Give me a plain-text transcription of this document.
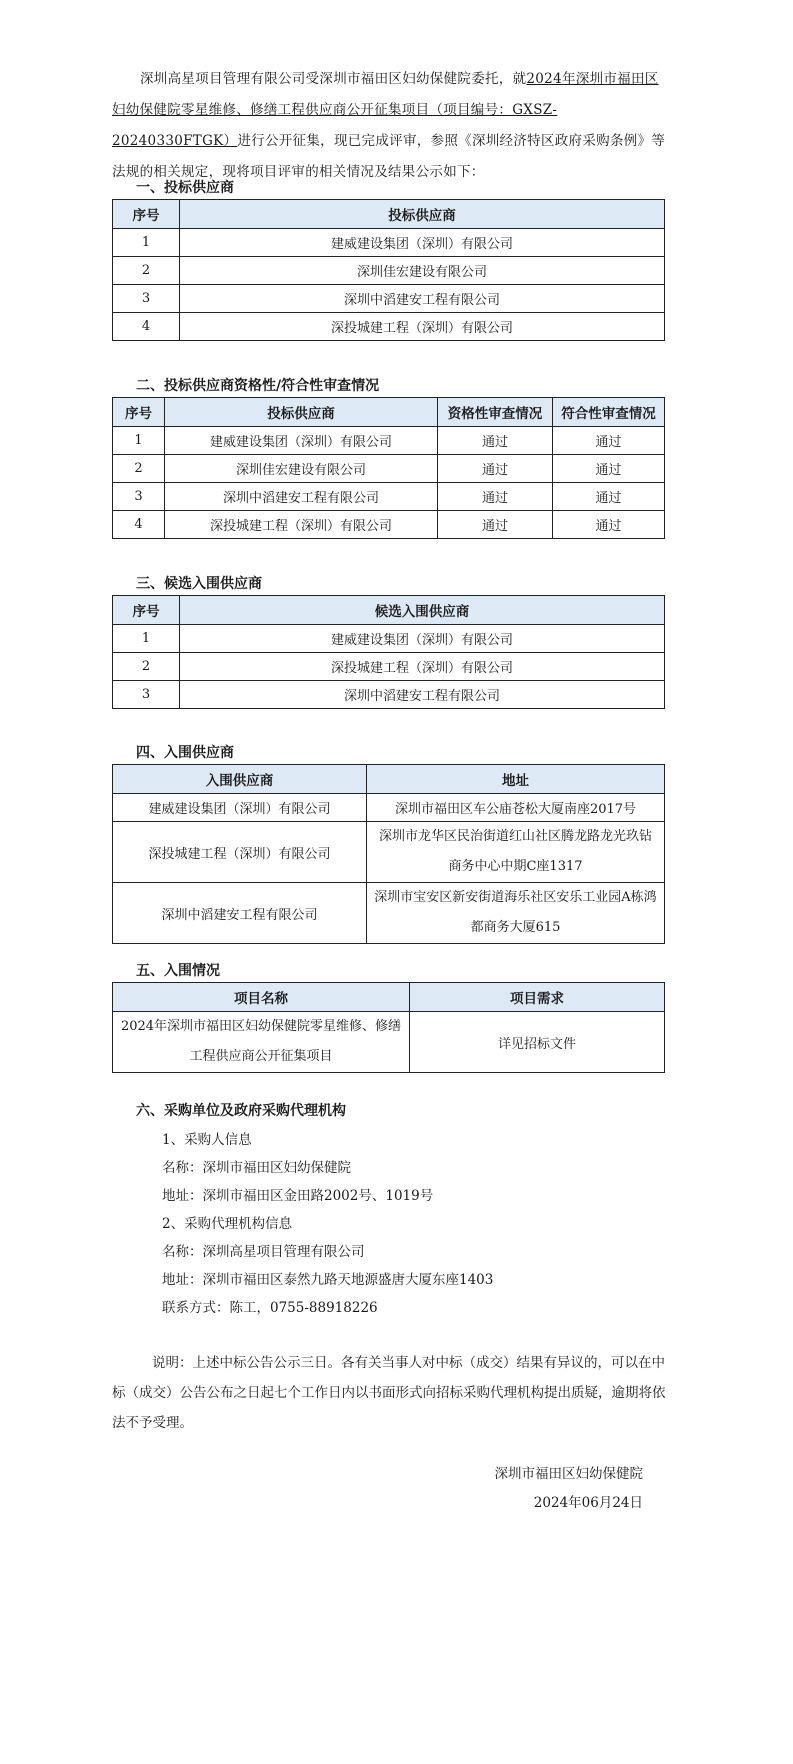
深圳高星项目管理有限公司受深圳市福田区妇幼保健院委托，就2024年深圳市福田区妇幼保健院零星维修、修缮工程供应商公开征集项目（项目编号：GXSZ-20240330FTGK）进行公开征集，现已完成评审，参照《深圳经济特区政府采购条例》等法规的相关规定，现将项目评审的相关情况及结果公示如下：
一、投标供应商
序号	投标供应商
1	建威建设集团（深圳）有限公司
2	深圳佳宏建设有限公司
3	深圳中滔建安工程有限公司
4	深投城建工程（深圳）有限公司
二、投标供应商资格性/符合性审查情况
序号	投标供应商	资格性审查情况	符合性审查情况
1	建威建设集团（深圳）有限公司	通过	通过
2	深圳佳宏建设有限公司	通过	通过
3	深圳中滔建安工程有限公司	通过	通过
4	深投城建工程（深圳）有限公司	通过	通过
三、候选入围供应商
序号	候选入围供应商
1	建威建设集团（深圳）有限公司
2	深投城建工程（深圳）有限公司
3	深圳中滔建安工程有限公司
四、入围供应商
入围供应商	地址
建威建设集团（深圳）有限公司	深圳市福田区车公庙苍松大厦南座2017号
深投城建工程（深圳）有限公司	深圳市龙华区民治街道红山社区腾龙路龙光玖钻商务中心中期C座1317
深圳中滔建安工程有限公司	深圳市宝安区新安街道海乐社区安乐工业园A栋鸿都商务大厦615
五、入围情况
项目名称	项目需求
2024年深圳市福田区妇幼保健院零星维修、修缮工程供应商公开征集项目	详见招标文件
六、采购单位及政府采购代理机构
1、采购人信息
名称：深圳市福田区妇幼保健院
地址：深圳市福田区金田路2002号、1019号
2、采购代理机构信息
名称：深圳高星项目管理有限公司
地址：深圳市福田区泰然九路天地源盛唐大厦东座1403
联系方式：陈工，0755-88918226
说明：上述中标公告公示三日。各有关当事人对中标（成交）结果有异议的，可以在中标（成交）公告公布之日起七个工作日内以书面形式向招标采购代理机构提出质疑，逾期将依法不予受理。
深圳市福田区妇幼保健院
2024年06月24日
